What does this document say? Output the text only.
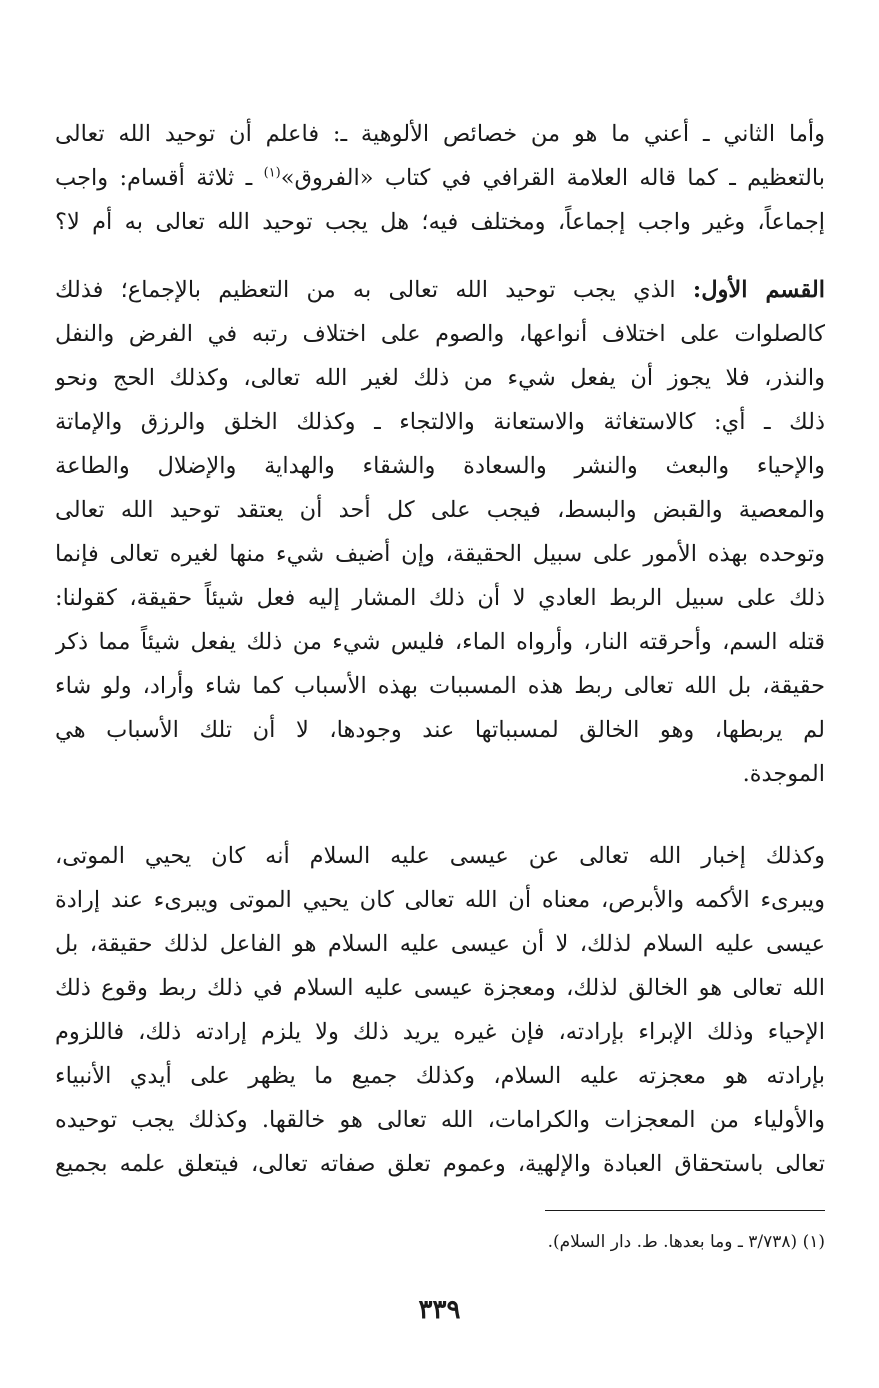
وأما الثاني ـ أعني ما هو من خصائص الألوهية ـ: فاعلم أن توحيد الله تعالى
بالتعظيم ـ كما قاله العلامة القرافي في كتاب «الفروق»$^{(١)}$ ـ ثلاثة أقسام: واجب
إجماعاً، وغير واجب إجماعاً، ومختلف فيه؛ هل يجب توحيد الله تعالى به أم لا؟
القسم الأول: الذي يجب توحيد الله تعالى به من التعظيم بالإجماع؛ فذلك
كالصلوات على اختلاف أنواعها، والصوم على اختلاف رتبه في الفرض والنفل
والنذر، فلا يجوز أن يفعل شيء من ذلك لغير الله تعالى، وكذلك الحج ونحو
ذلك ـ أي: كالاستغاثة والاستعانة والالتجاء ـ وكذلك الخلق والرزق والإماتة
والإحياء والبعث والنشر والسعادة والشقاء والهداية والإضلال والطاعة
والمعصية والقبض والبسط، فيجب على كل أحد أن يعتقد توحيد الله تعالى
وتوحده بهذه الأمور على سبيل الحقيقة، وإن أضيف شيء منها لغيره تعالى فإنما
ذلك على سبيل الربط العادي لا أن ذلك المشار إليه فعل شيئاً حقيقة، كقولنا:
قتله السم، وأحرقته النار، وأرواه الماء، فليس شيء من ذلك يفعل شيئاً مما ذكر
حقيقة، بل الله تعالى ربط هذه المسببات بهذه الأسباب كما شاء وأراد، ولو شاء
لم يربطها، وهو الخالق لمسبباتها عند وجودها، لا أن تلك الأسباب هي
الموجدة.
وكذلك إخبار الله تعالى عن عيسى عليه السلام أنه كان يحيي الموتى،
ويبرىء الأكمه والأبرص، معناه أن الله تعالى كان يحيي الموتى ويبرىء عند إرادة
عيسى عليه السلام لذلك، لا أن عيسى عليه السلام هو الفاعل لذلك حقيقة، بل
الله تعالى هو الخالق لذلك، ومعجزة عيسى عليه السلام في ذلك ربط وقوع ذلك
الإحياء وذلك الإبراء بإرادته، فإن غيره يريد ذلك ولا يلزم إرادته ذلك، فاللزوم
بإرادته هو معجزته عليه السلام، وكذلك جميع ما يظهر على أيدي الأنبياء
والأولياء من المعجزات والكرامات، الله تعالى هو خالقها. وكذلك يجب توحيده
تعالى باستحقاق العبادة والإلهية، وعموم تعلق صفاته تعالى، فيتعلق علمه بجميع
(١) (٣/٧٣٨ ـ وما بعدها. ط. دار السلام).
٣٣٩
